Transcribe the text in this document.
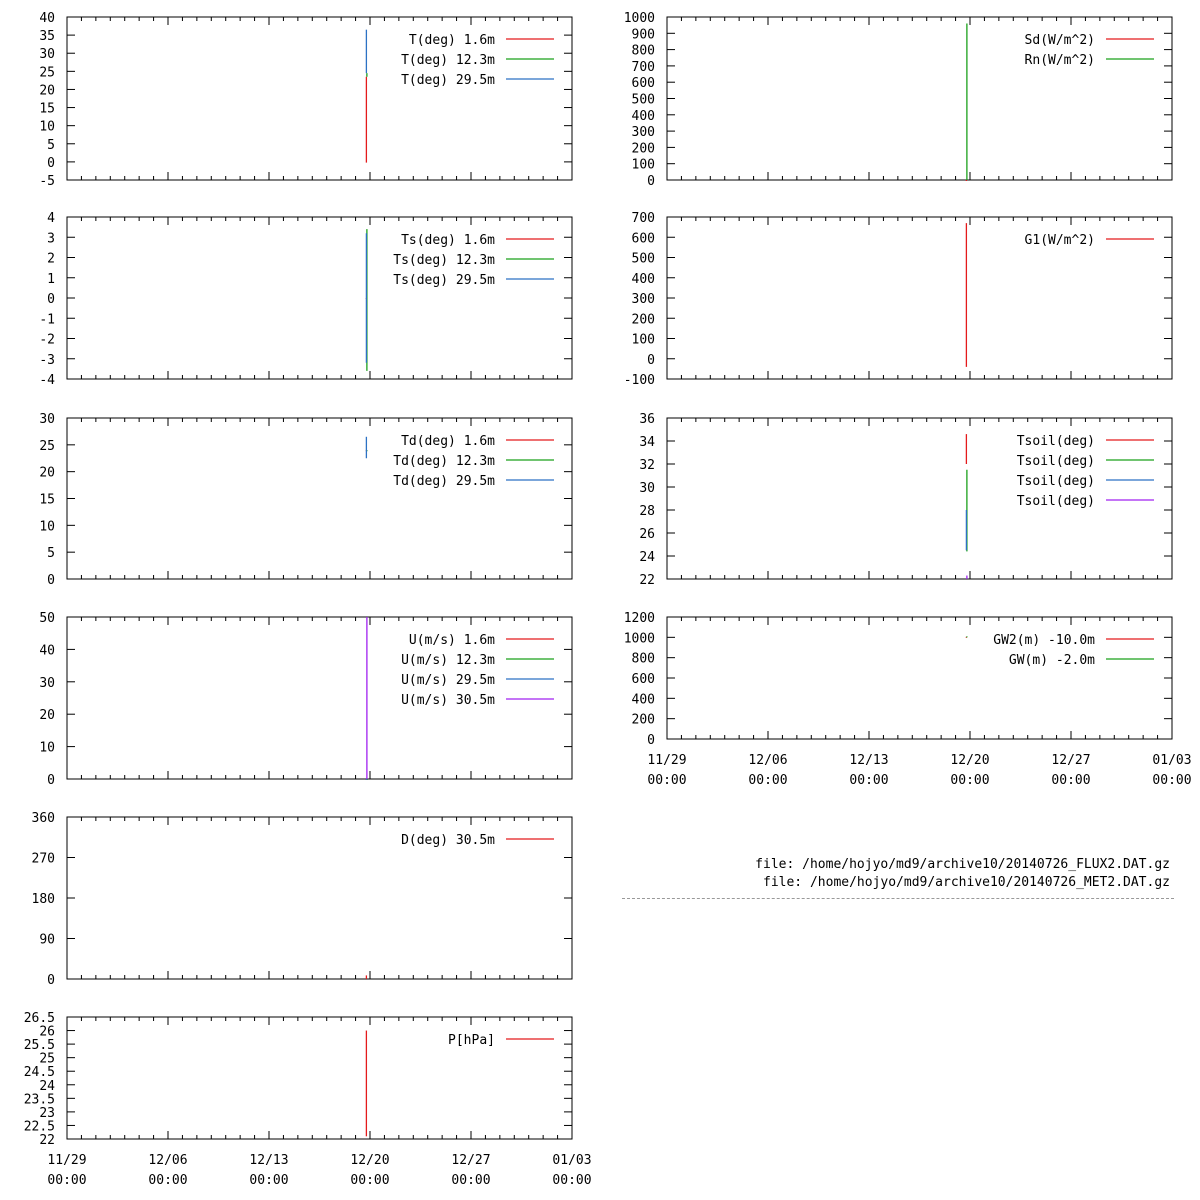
-5
0
5
10
15
20
25
30
35
40
T(deg) 1.6m
T(deg) 12.3m
T(deg) 29.5m
-4
-3
-2
-1
0
1
2
3
4
Ts(deg) 1.6m
Ts(deg) 12.3m
Ts(deg) 29.5m
0
5
10
15
20
25
30
Td(deg) 1.6m
Td(deg) 12.3m
Td(deg) 29.5m
0
10
20
30
40
50
U(m/s) 1.6m
U(m/s) 12.3m
U(m/s) 29.5m
U(m/s) 30.5m
0
90
180
270
360
D(deg) 30.5m
22
22.5
23
23.5
24
24.5
25
25.5
26
26.5
11/29
00:00
12/06
00:00
12/13
00:00
12/20
00:00
12/27
00:00
01/03
00:00
P[hPa]
0
100
200
300
400
500
600
700
800
900
1000
Sd(W/m^2)
Rn(W/m^2)
-100
0
100
200
300
400
500
600
700
G1(W/m^2)
22
24
26
28
30
32
34
36
Tsoil(deg)
Tsoil(deg)
Tsoil(deg)
Tsoil(deg)
0
200
400
600
800
1000
1200
11/29
00:00
12/06
00:00
12/13
00:00
12/20
00:00
12/27
00:00
01/03
00:00
GW2(m) -10.0m
GW(m) -2.0m
file: /home/hojyo/md9/archive10/20140726_FLUX2.DAT.gz
file: /home/hojyo/md9/archive10/20140726_MET2.DAT.gz
